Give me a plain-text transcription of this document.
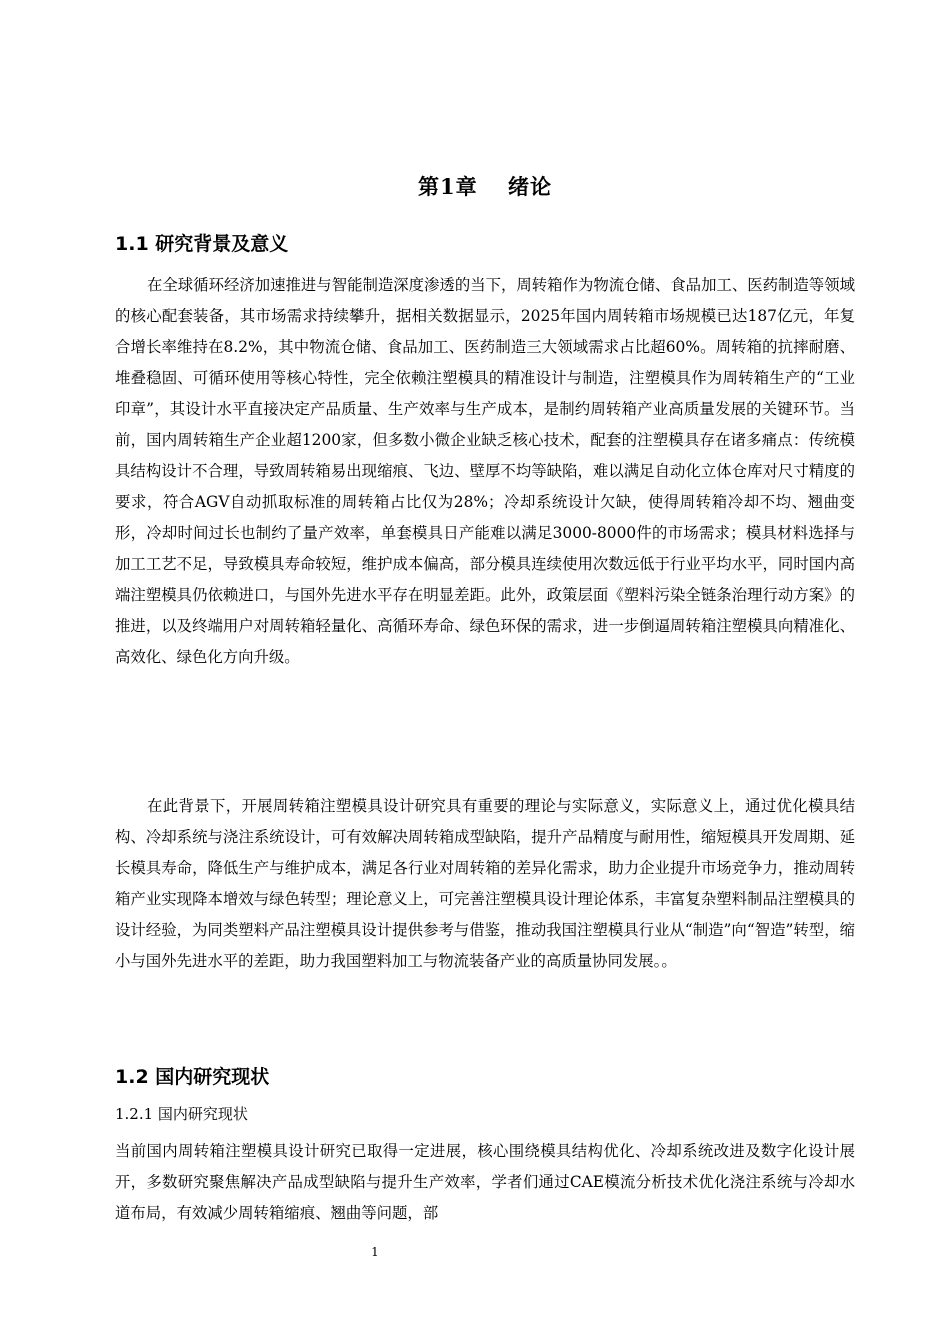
第1章　 绪论
1.1 研究背景及意义

在全球循环经济加速推进与智能制造深度渗透的当下，周转箱作为物流仓储、食品加工、医药制造等领域的核心配套装备，其市场需求持续攀升，据相关数据显示，2025年国内周转箱市场规模已达187亿元，年复合增长率维持在8.2%，其中物流仓储、食品加工、医药制造三大领域需求占比超60%。周转箱的抗摔耐磨、堆叠稳固、可循环使用等核心特性，完全依赖注塑模具的精准设计与制造，注塑模具作为周转箱生产的“工业印章”，其设计水平直接决定产品质量、生产效率与生产成本，是制约周转箱产业高质量发展的关键环节。当前，国内周转箱生产企业超1200家，但多数小微企业缺乏核心技术，配套的注塑模具存在诸多痛点：传统模具结构设计不合理，导致周转箱易出现缩痕、飞边、壁厚不均等缺陷，难以满足自动化立体仓库对尺寸精度的要求，符合AGV自动抓取标准的周转箱占比仅为28%；冷却系统设计欠缺，使得周转箱冷却不均、翘曲变形，冷却时间过长也制约了量产效率，单套模具日产能难以满足3000-8000件的市场需求；模具材料选择与加工工艺不足，导致模具寿命较短，维护成本偏高，部分模具连续使用次数远低于行业平均水平，同时国内高端注塑模具仍依赖进口，与国外先进水平存在明显差距。此外，政策层面《塑料污染全链条治理行动方案》的推进，以及终端用户对周转箱轻量化、高循环寿命、绿色环保的需求，进一步倒逼周转箱注塑模具向精准化、高效化、绿色化方向升级。

在此背景下，开展周转箱注塑模具设计研究具有重要的理论与实际意义，实际意义上，通过优化模具结构、冷却系统与浇注系统设计，可有效解决周转箱成型缺陷，提升产品精度与耐用性，缩短模具开发周期、延长模具寿命，降低生产与维护成本，满足各行业对周转箱的差异化需求，助力企业提升市场竞争力，推动周转箱产业实现降本增效与绿色转型；理论意义上，可完善注塑模具设计理论体系，丰富复杂塑料制品注塑模具的设计经验，为同类塑料产品注塑模具设计提供参考与借鉴，推动我国注塑模具行业从“制造”向“智造”转型，缩小与国外先进水平的差距，助力我国塑料加工与物流装备产业的高质量协同发展。。

1.2 国内研究现状
1.2.1 国内研究现状

当前国内周转箱注塑模具设计研究已取得一定进展，核心围绕模具结构优化、冷却系统改进及数字化设计展开，多数研究聚焦解决产品成型缺陷与提升生产效率，学者们通过CAE模流分析技术优化浇注系统与冷却水道布局，有效减少周转箱缩痕、翘曲等问题，部

1
